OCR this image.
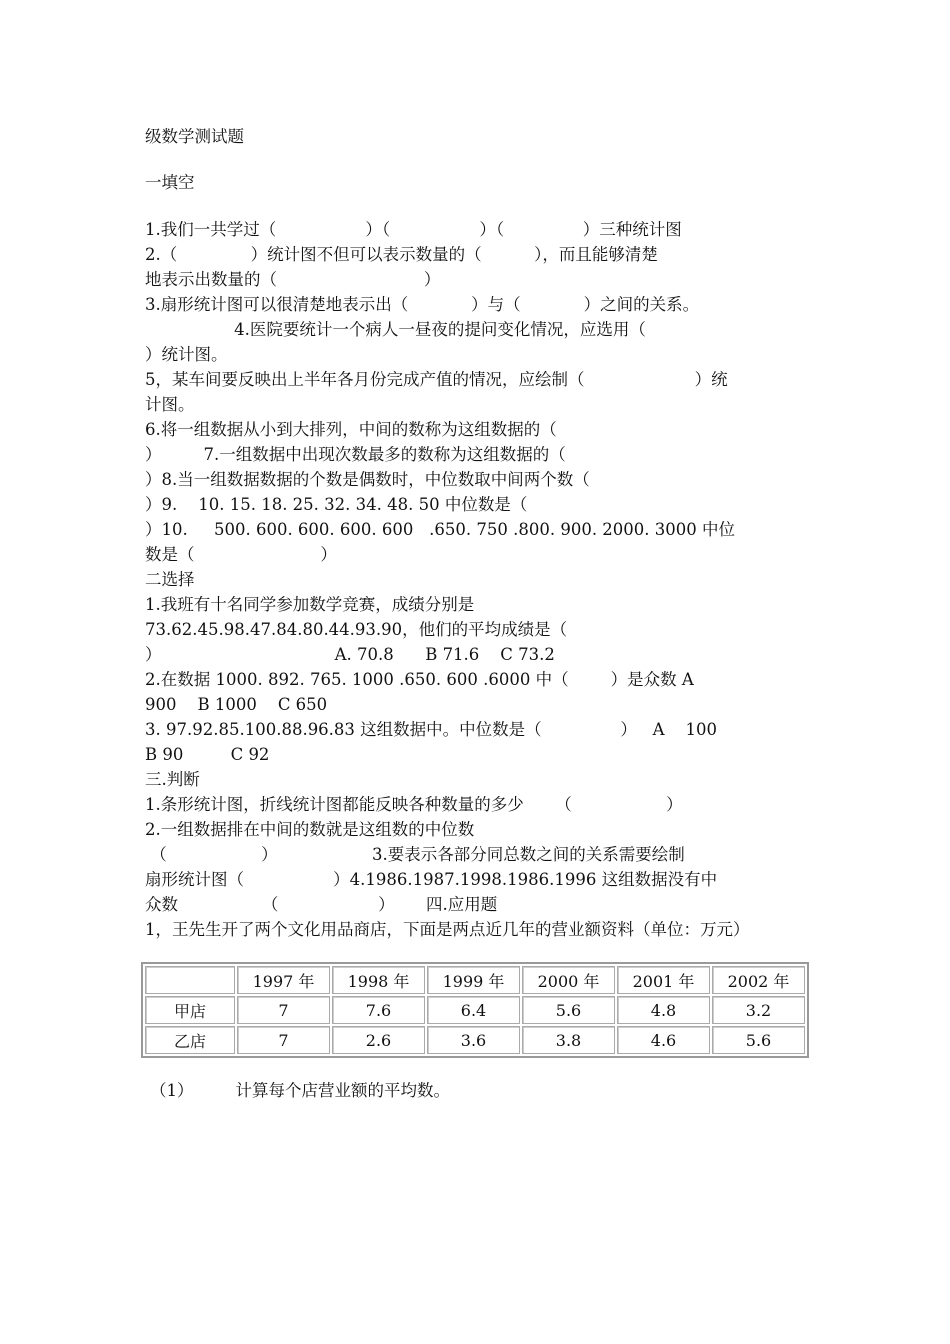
级数学测试题
一填空
1.我们一共学过（                 ）（                 ）（               ）三种统计图
2.（              ）统计图不但可以表示数量的（          ），而且能够清楚
地表示出数量的（                            ）
3.扇形统计图可以很清楚地表示出（            ）与（            ）之间的关系。
4.医院要统计一个病人一昼夜的提问变化情况，应选用（
）统计图。
5，某车间要反映出上半年各月份完成产值的情况，应绘制（                     ）统
计图。
6.将一组数据从小到大排列，中间的数称为这组数据的（
）        7.一组数据中出现次数最多的数称为这组数据的（
）8.当一组数据数据的个数是偶数时，中位数取中间两个数（
）9.    10. 15. 18. 25. 32. 34. 48. 50 中位数是（
）10.     500. 600. 600. 600. 600   .650. 750 .800. 900. 2000. 3000 中位
数是（                        ）
二选择
1.我班有十名同学参加数学竞赛，成绩分别是
73.62.45.98.47.84.80.44.93.90，他们的平均成绩是（
）                                 A. 70.8      B 71.6    C 73.2
2.在数据 1000. 892. 765. 1000 .650. 600 .6000 中（        ）是众数 A
900    B 1000    C 650
3. 97.92.85.100.88.96.83 这组数据中。中位数是（               ）   A    100
B 90         C 92
三.判断
1.条形统计图，折线统计图都能反映各种数量的多少      （                  ）
2.一组数据排在中间的数就是这组数的中位数
（                  ）                  3.要表示各部分同总数之间的关系需要绘制
扇形统计图（                 ）4.1986.1987.1998.1986.1996 这组数据没有中
众数                （                   ）      四.应用题
1，王先生开了两个文化用品商店，下面是两点近几年的营业额资料（单位：万元）
	1997 年	1998 年	1999 年	2000 年	2001 年	2002 年
甲店	7	7.6	6.4	5.6	4.8	3.2
乙店	7	2.6	3.6	3.8	4.6	5.6
（1）        计算每个店营业额的平均数。
